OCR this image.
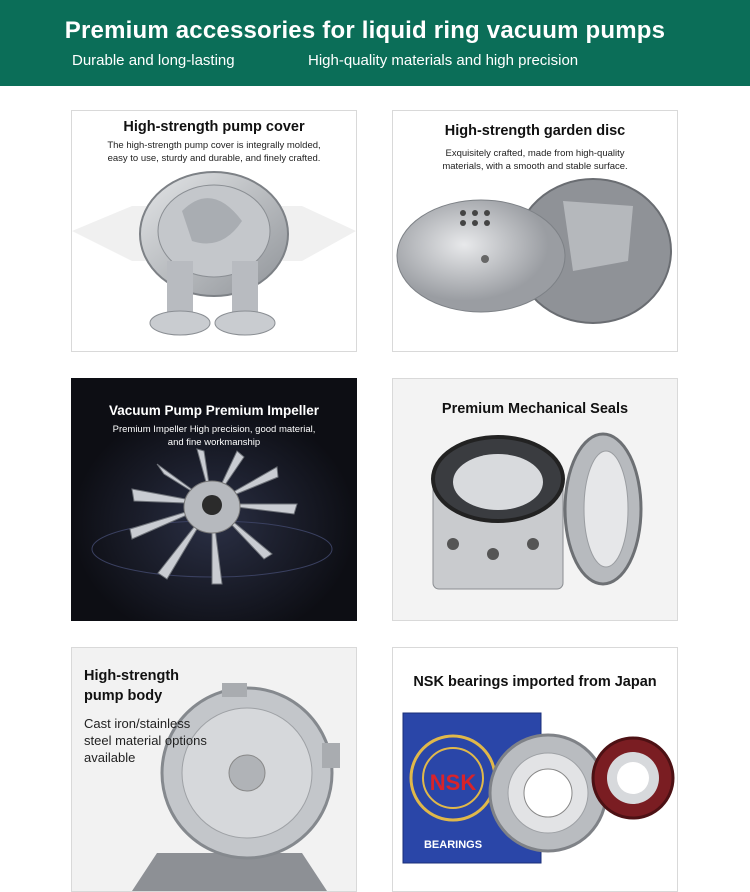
Premium accessories for liquid ring vacuum pumps
Durable and long-lasting	High-quality materials and high precision
High-strength pump cover
The high-strength pump cover is integrally molded,
easy to use, sturdy and durable, and finely crafted.
High-strength garden disc
Exquisitely crafted, made from high-quality
materials, with a smooth and stable surface.
Vacuum Pump Premium Impeller
Premium Impeller High precision, good material,
and fine workmanship
Premium Mechanical Seals
High-strength
pump body
Cast iron/stainless
steel material options
available
NSK
BEARINGS
NSK bearings imported from Japan
